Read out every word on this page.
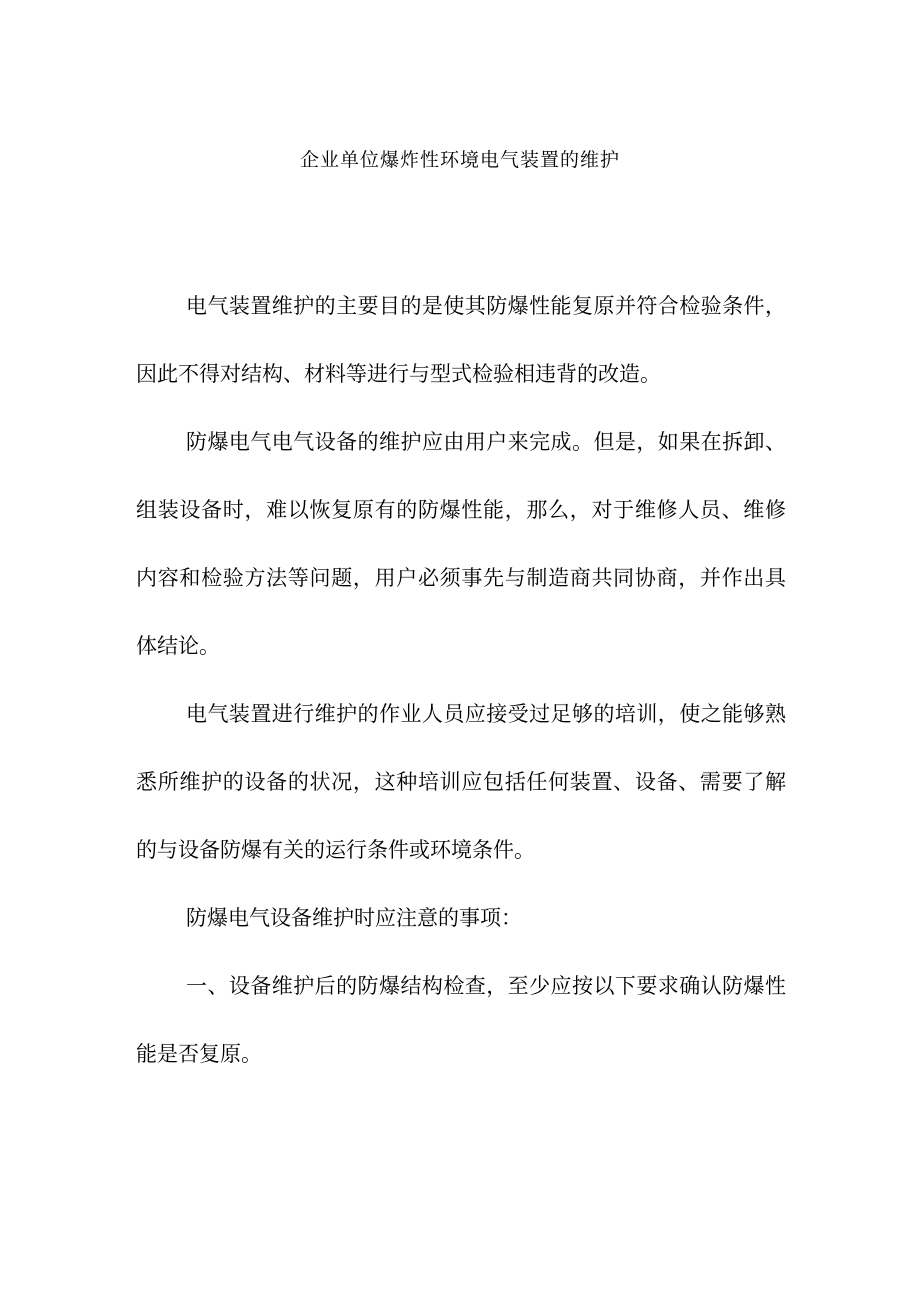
企业单位爆炸性环境电气装置的维护

电气装置维护的主要目的是使其防爆性能复原并符合检验条件，因此不得对结构、材料等进行与型式检验相违背的改造。

防爆电气电气设备的维护应由用户来完成。但是，如果在拆卸、组装设备时，难以恢复原有的防爆性能，那么，对于维修人员、维修内容和检验方法等问题，用户必须事先与制造商共同协商，并作出具体结论。

电气装置进行维护的作业人员应接受过足够的培训，使之能够熟悉所维护的设备的状况，这种培训应包括任何装置、设备、需要了解的与设备防爆有关的运行条件或环境条件。

防爆电气设备维护时应注意的事项：

一、设备维护后的防爆结构检查，至少应按以下要求确认防爆性能是否复原。
